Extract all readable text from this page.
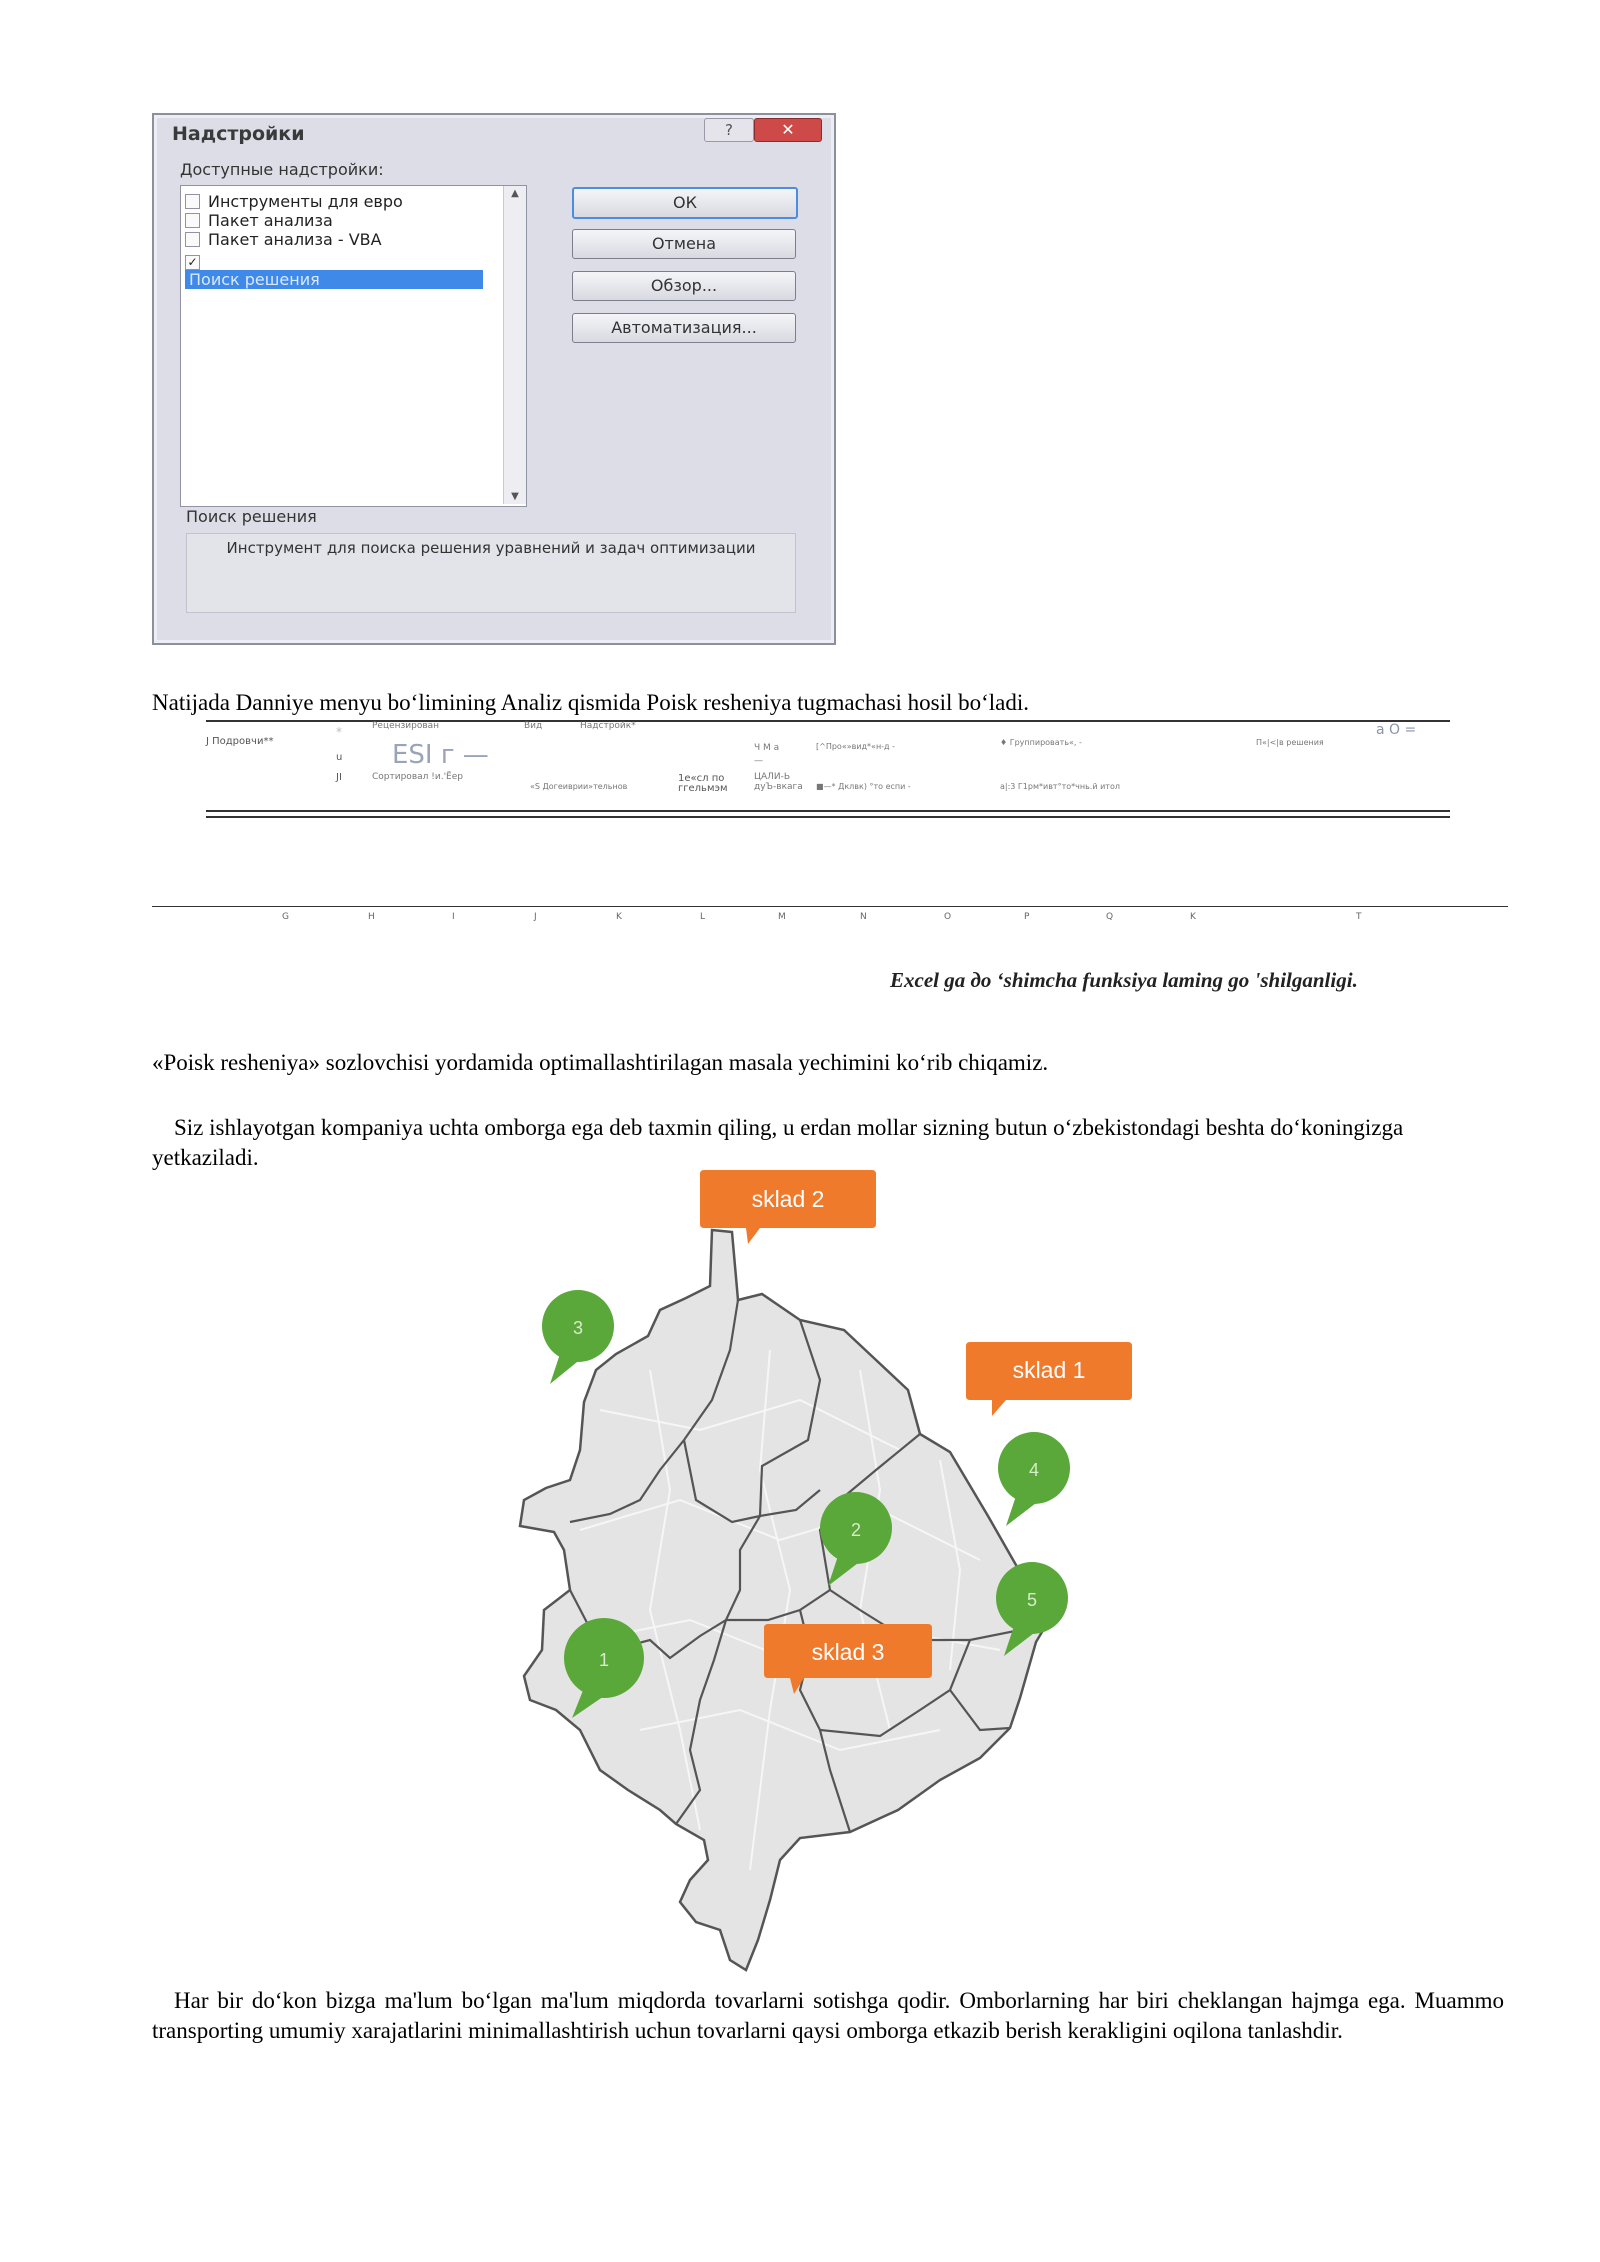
Надстройки	?	✕
Доступные надстройки:
Инструменты для евро
Пакет анализа
Пакет анализа - VBA
✓Поиск решения
▲
▼
ОК
Отмена
Обзор...
Автоматизация...
Поиск решения
Инструмент для поиска решения уравнений и задач оптимизации
Natijada Danniye menyu bo‘limining Analiz qismida Poisk resheniya tugmachasi hosil bo‘ladi.
J Подровчи**
Рецензирован	Вид	Надстройк*
*
u
JI
ESI г —
Сортировал !и.'Ёер
«S Догеиврии»тельнов
1е«сл по ггельмэм
Ч М а —
[^Про«»вид*«н-д -
ЦАЛИ-Ь дуЪ-вкага	■—* Дклвк) °то еспи -
♦ Группировать«, -
а|:3 Г1рм*ивт°то*чнь.й итол
П«|<|в решения
а О =
G	H	I	J	K	L	M	N	O	P	Q	K	T
Excel ga до ‘shimcha funksiya laming go 'shilganligi.
«Poisk resheniya» sozlovchisi yordamida optimallashtirilagan masala yechimini ko‘rib chiqamiz.
Siz ishlayotgan kompaniya uchta omborga ega deb taxmin qiling, u erdan mollar sizning butun o‘zbekistondagi beshta do‘koningizga yetkaziladi.
sklad 2
sklad 1
sklad 3
3
4
2
1
5
Har bir do‘kon bizga ma'lum bo‘lgan ma'lum miqdorda tovarlarni sotishga qodir. Omborlarning har biri cheklangan hajmga ega. Muammo transporting umumiy xarajatlarini minimallashtirish uchun tovarlarni qaysi omborga etkazib berish kerakligini oqilona tanlashdir.
